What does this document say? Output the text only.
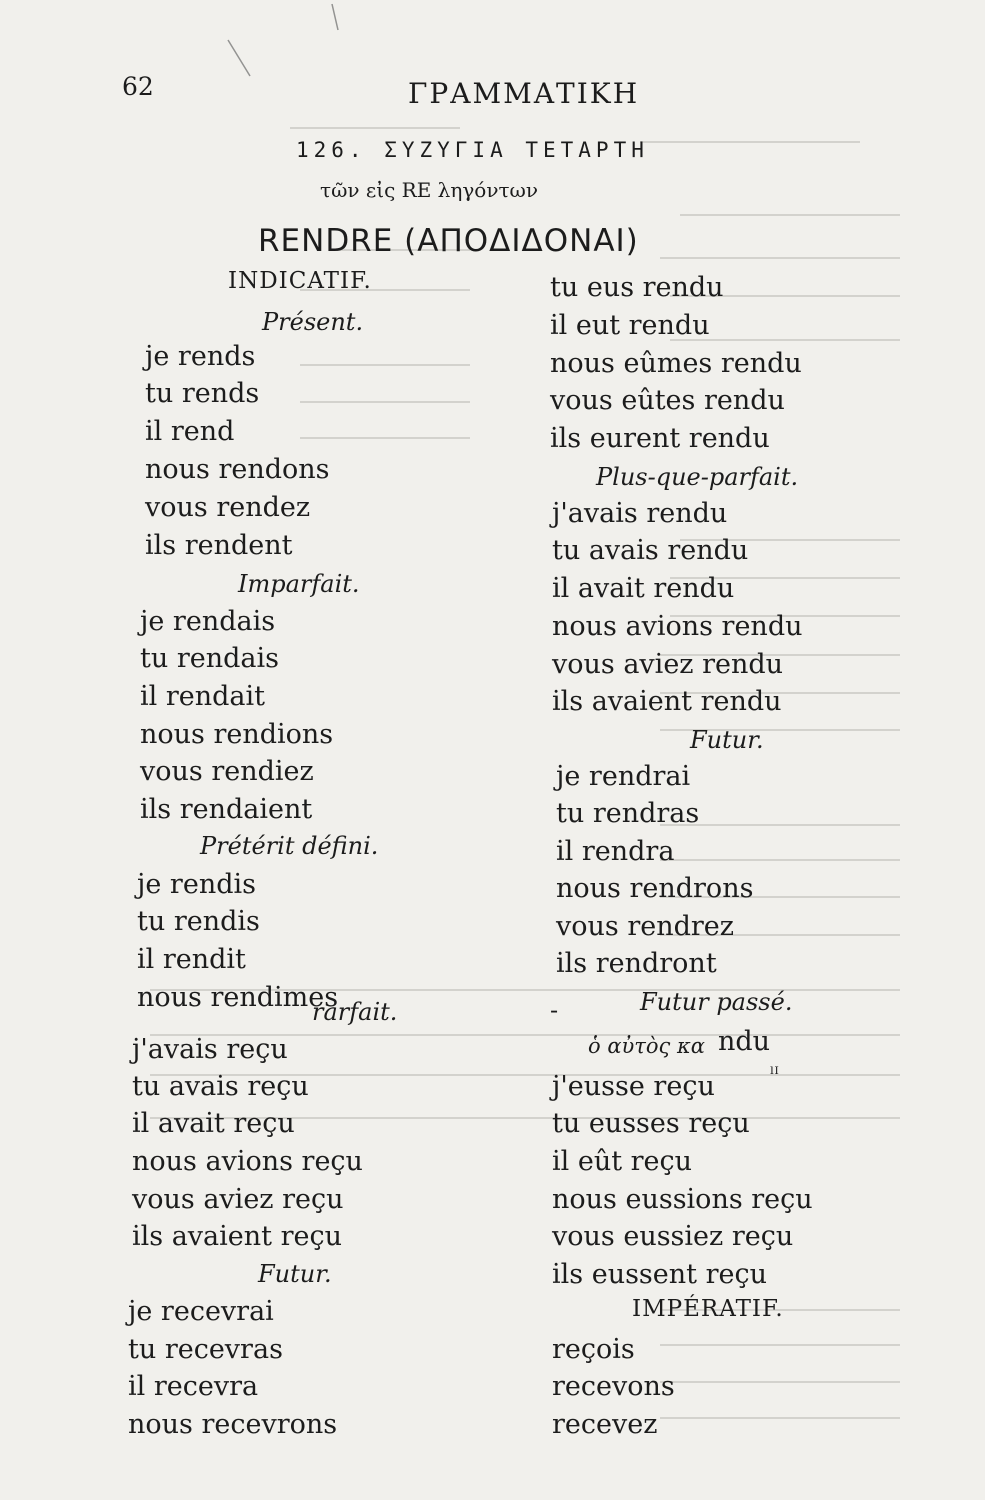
62	ΓΡΑΜΜΑΤΙΚΗ
126. ΣΥΖΥΓΙΑ ΤΕΤΑΡΤΗ
τῶν εἰς RE ληγόντων
RENDRE (ΑΠΟΔΙΔΟΝΑΙ)
INDICATIF.
Présent.
je rends
tu rends
il rend
nous rendons
vous rendez
ils rendent
Imparfait.
je rendais
tu rendais
il rendait
nous rendions
vous rendiez
ils rendaient
Prétérit défini.
je rendis
tu rendis
il rendit
nous rendimes
rarfait.
j'avais reçu
tu avais reçu
il avait reçu
nous avions reçu
vous aviez reçu
ils avaient reçu
Futur.
je recevrai
tu recevras
il recevra
nous recevrons
tu eus rendu
il eut rendu
nous eûmes rendu
vous eûtes rendu
ils eurent rendu
Plus-que-parfait.
j'avais rendu
tu avais rendu
il avait rendu
nous avions rendu
vous aviez rendu
ils avaient rendu
Futur.
je rendrai
tu rendras
il rendra
nous rendrons
vous rendrez
ils rendront
-	Futur passé.
ὁ αὐτὸς κα ndu
ˡᴵ
j'eusse reçu
tu eusses reçu
il eût reçu
nous eussions reçu
vous eussiez reçu
ils eussent reçu
IMPÉRATIF.
reçois
recevons
recevez
